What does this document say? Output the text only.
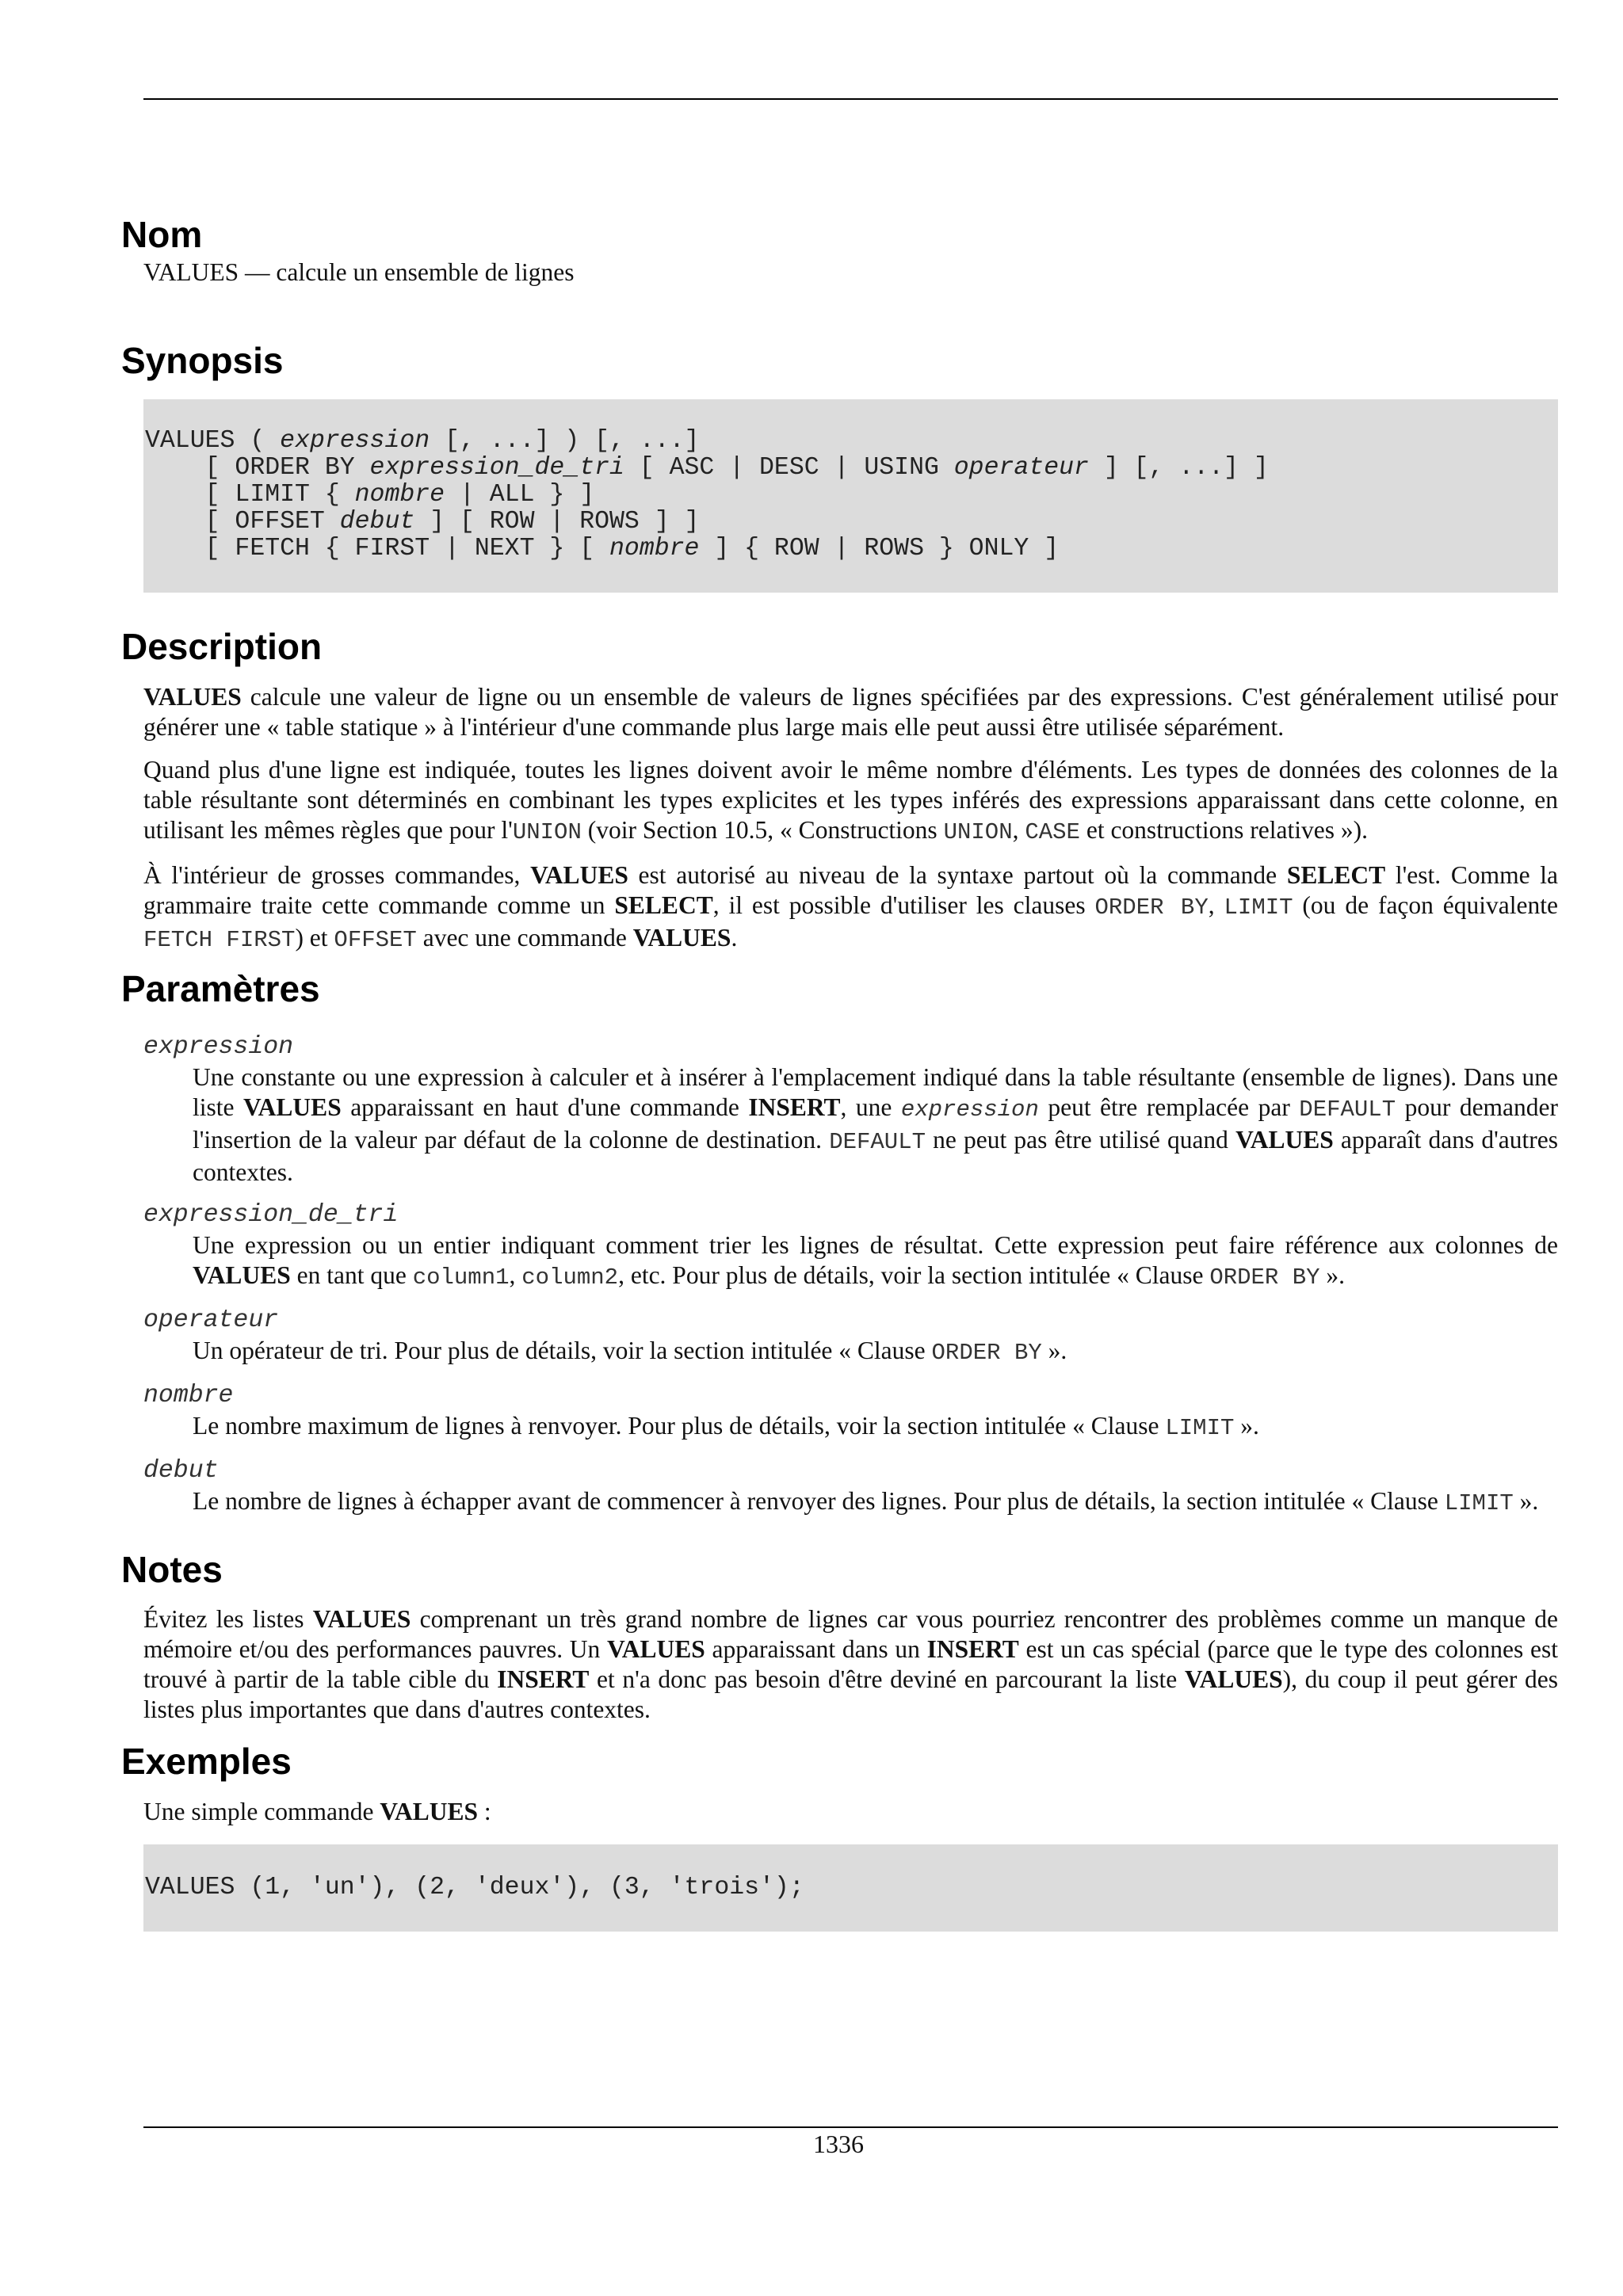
Nom

VALUES — calcule un ensemble de lignes

Synopsis
VALUES ( expression [, ...] ) [, ...]
[ ORDER BY expression_de_tri [ ASC | DESC | USING operateur ] [, ...] ]
[ LIMIT { nombre | ALL } ]
[ OFFSET debut ] [ ROW | ROWS ] ]
[ FETCH { FIRST | NEXT } [ nombre ] { ROW | ROWS } ONLY ]
Description

VALUES calcule une valeur de ligne ou un ensemble de valeurs de lignes spécifiées par des expressions. C'est généralement utilisé pour générer une « table statique » à l'intérieur d'une commande plus large mais elle peut aussi être utilisée séparément.

Quand plus d'une ligne est indiquée, toutes les lignes doivent avoir le même nombre d'éléments. Les types de données des colonnes de la table résultante sont déterminés en combinant les types explicites et les types inférés des expressions apparaissant dans cette colonne, en utilisant les mêmes règles que pour l'UNION (voir Section 10.5, « Constructions UNION, CASE et constructions relatives »).

À l'intérieur de grosses commandes, VALUES est autorisé au niveau de la syntaxe partout où la commande SELECT l'est. Comme la grammaire traite cette commande comme un SELECT, il est possible d'utiliser les clauses ORDER BY, LIMIT (ou de façon équivalente FETCH FIRST) et OFFSET avec une commande VALUES.

Paramètres
expression
Une constante ou une expression à calculer et à insérer à l'emplacement indiqué dans la table résultante (ensemble de lignes). Dans une liste VALUES apparaissant en haut d'une commande INSERT, une expression peut être remplacée par DEFAULT pour demander l'insertion de la valeur par défaut de la colonne de destination. DEFAULT ne peut pas être utilisé quand VALUES apparaît dans d'autres contextes.
expression_de_tri
Une expression ou un entier indiquant comment trier les lignes de résultat. Cette expression peut faire référence aux colonnes de VALUES en tant que column1, column2, etc. Pour plus de détails, voir la section intitulée « Clause ORDER BY ».
operateur
Un opérateur de tri. Pour plus de détails, voir la section intitulée « Clause ORDER BY ».
nombre
Le nombre maximum de lignes à renvoyer. Pour plus de détails, voir la section intitulée « Clause LIMIT ».
debut
Le nombre de lignes à échapper avant de commencer à renvoyer des lignes. Pour plus de détails, la section intitulée « Clause LIMIT ».
Notes

Évitez les listes VALUES comprenant un très grand nombre de lignes car vous pourriez rencontrer des problèmes comme un manque de mémoire et/ou des performances pauvres. Un VALUES apparaissant dans un INSERT est un cas spécial (parce que le type des colonnes est trouvé à partir de la table cible du INSERT et n'a donc pas besoin d'être deviné en parcourant la liste VALUES), du coup il peut gérer des listes plus importantes que dans d'autres contextes.

Exemples

Une simple commande VALUES :

VALUES (1, 'un'), (2, 'deux'), (3, 'trois');
1336
